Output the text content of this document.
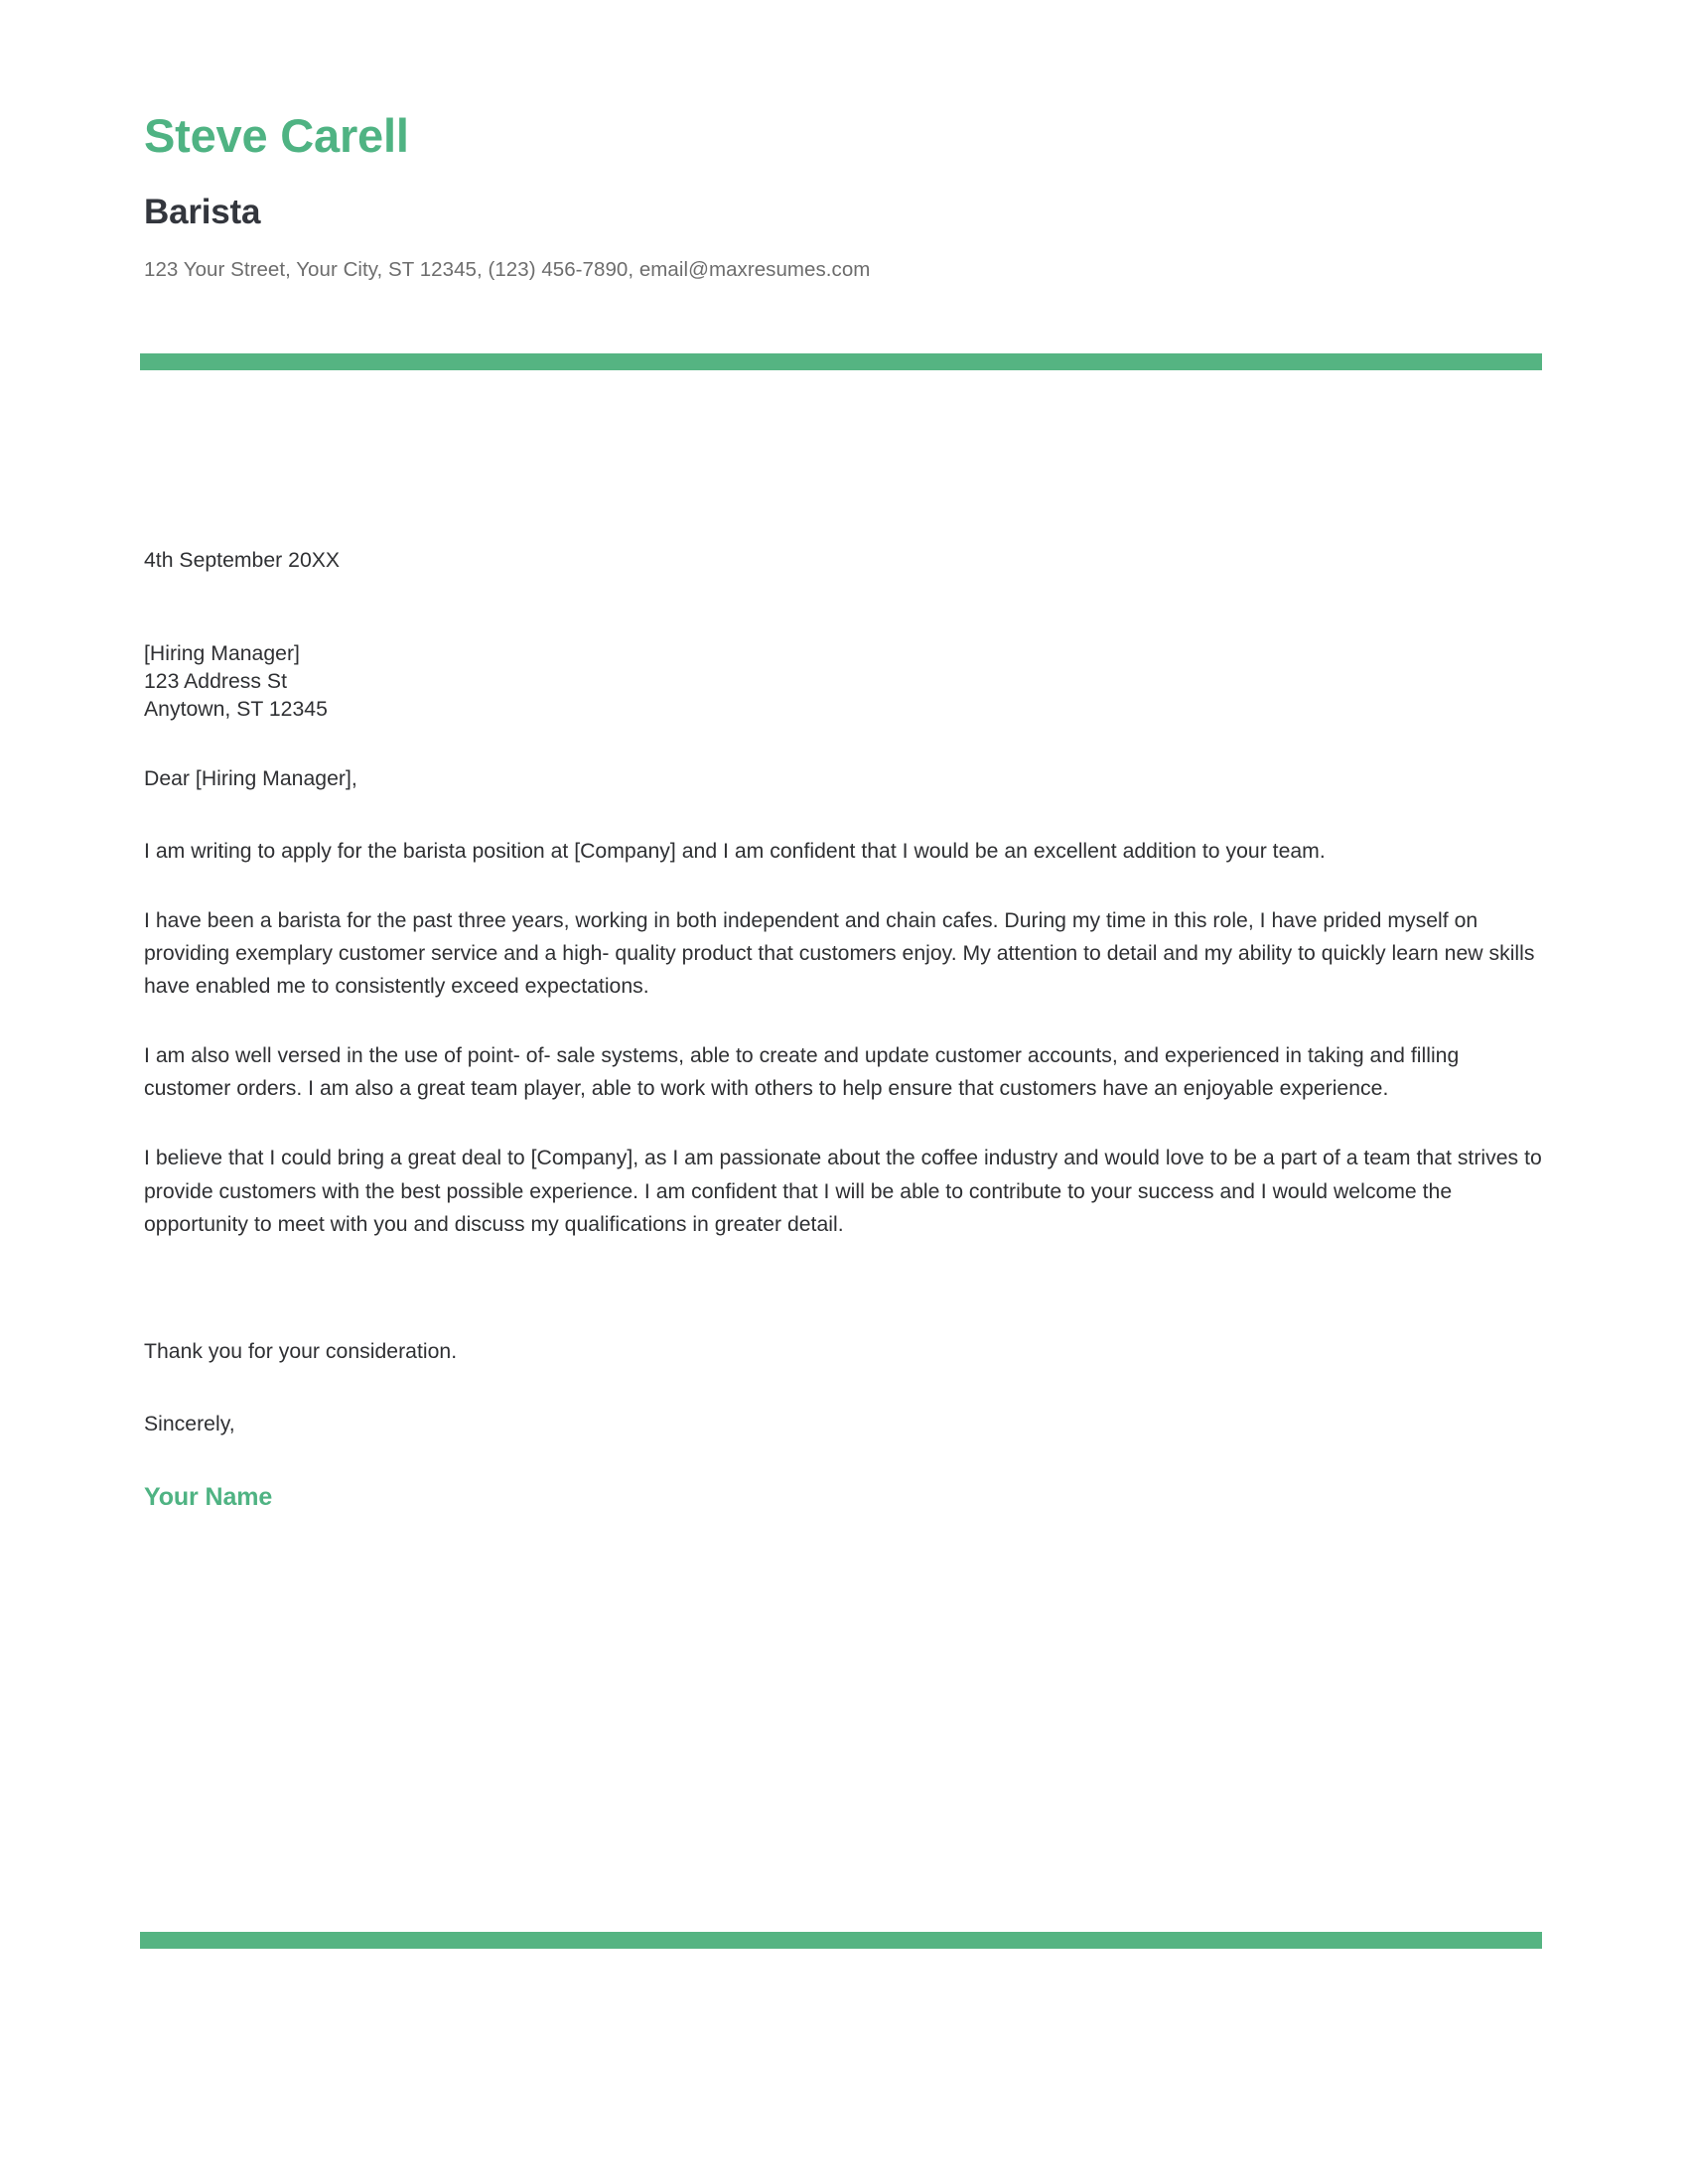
Steve Carell
Barista

123 Your Street, Your City, ST 12345, (123) 456-7890, email@maxresumes.com

4th September 20XX

[Hiring Manager]

123 Address St

Anytown, ST 12345

Dear [Hiring Manager],

I am writing to apply for the barista position at [Company] and I am confident that I would be an excellent addition to your team.

I have been a barista for the past three years, working in both independent and chain cafes. During my time in this role, I have prided myself on providing exemplary customer service and a high- quality product that customers enjoy. My attention to detail and my ability to quickly learn new skills have enabled me to consistently exceed expectations.

I am also well versed in the use of point- of- sale systems, able to create and update customer accounts, and experienced in taking and filling customer orders. I am also a great team player, able to work with others to help ensure that customers have an enjoyable experience.

I believe that I could bring a great deal to [Company], as I am passionate about the coffee industry and would love to be a part of a team that strives to provide customers with the best possible experience. I am confident that I will be able to contribute to your success and I would welcome the opportunity to meet with you and discuss my qualifications in greater detail.

Thank you for your consideration.

Sincerely,

Your Name
